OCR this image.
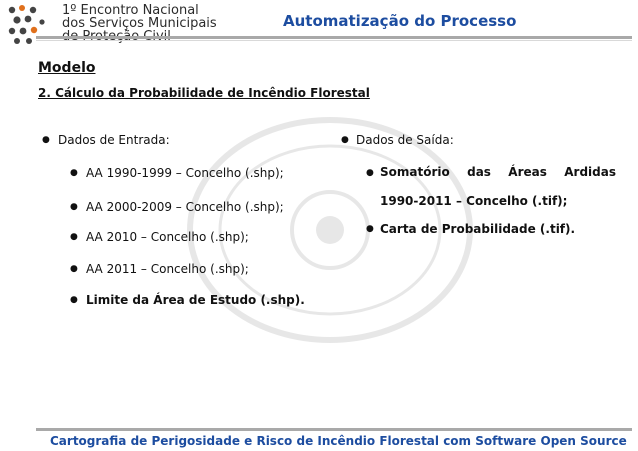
1º Encontro Nacional
dos Serviços Municipais	Automatização do Processo
Modelo
2. Cálculo da Probabilidade de Incêndio Florestal
● Dados de Entrada:
● AA 1990-1999 – Concelho (.shp);
● AA 2000-2009 – Concelho (.shp);
● AA 2010 – Concelho (.shp);
● AA 2011 – Concelho (.shp);
● Limite da Área de Estudo (.shp).
● Dados de Saída:
● Somatório das Áreas Ardidas 1990-2011 – Concelho (.tif);
● Carta de Probabilidade (.tif).
Cartografia de Perigosidade e Risco de Incêndio Florestal com Software Open Source
